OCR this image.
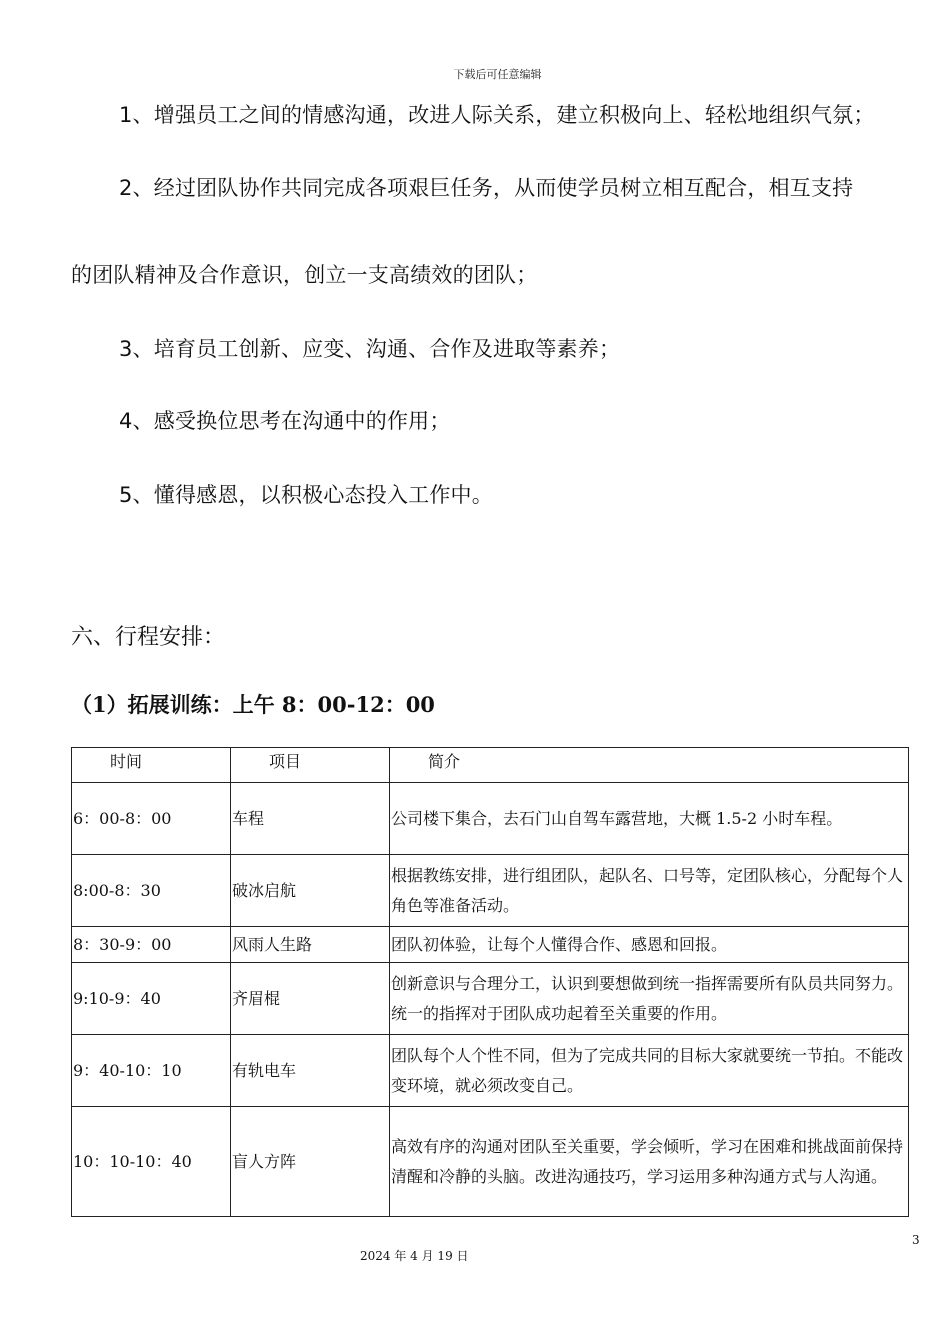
下载后可任意编辑
1、增强员工之间的情感沟通，改进人际关系，建立积极向上、轻松地组织气氛；
2、经过团队协作共同完成各项艰巨任务，从而使学员树立相互配合，相互支持
的团队精神及合作意识，创立一支高绩效的团队；
3、培育员工创新、应变、沟通、合作及进取等素养；
4、感受换位思考在沟通中的作用；
5、懂得感恩，以积极心态投入工作中。
六、行程安排：
（1）拓展训练：上午 8：00-12：00
时间	项目	简介
6：00-8：00	车程	公司楼下集合，去石门山自驾车露营地，大概 1.5-2 小时车程。
8:00-8：30	破冰启航	根据教练安排，进行组团队，起队名、口号等，定团队核心，分配每个人角色等准备活动。
8：30-9：00	风雨人生路	团队初体验，让每个人懂得合作、感恩和回报。
9:10-9：40	齐眉棍	创新意识与合理分工，认识到要想做到统一指挥需要所有队员共同努力。 统一的指挥对于团队成功起着至关重要的作用。
9：40-10：10	有轨电车	团队每个人个性不同，但为了完成共同的目标大家就要统一节拍。不能改变环境，就必须改变自己。
10：10-10：40	盲人方阵	高效有序的沟通对团队至关重要，学会倾听，学习在困难和挑战面前保持清醒和冷静的头脑。改进沟通技巧，学习运用多种沟通方式与人沟通。
3
2024 年 4 月 19 日
